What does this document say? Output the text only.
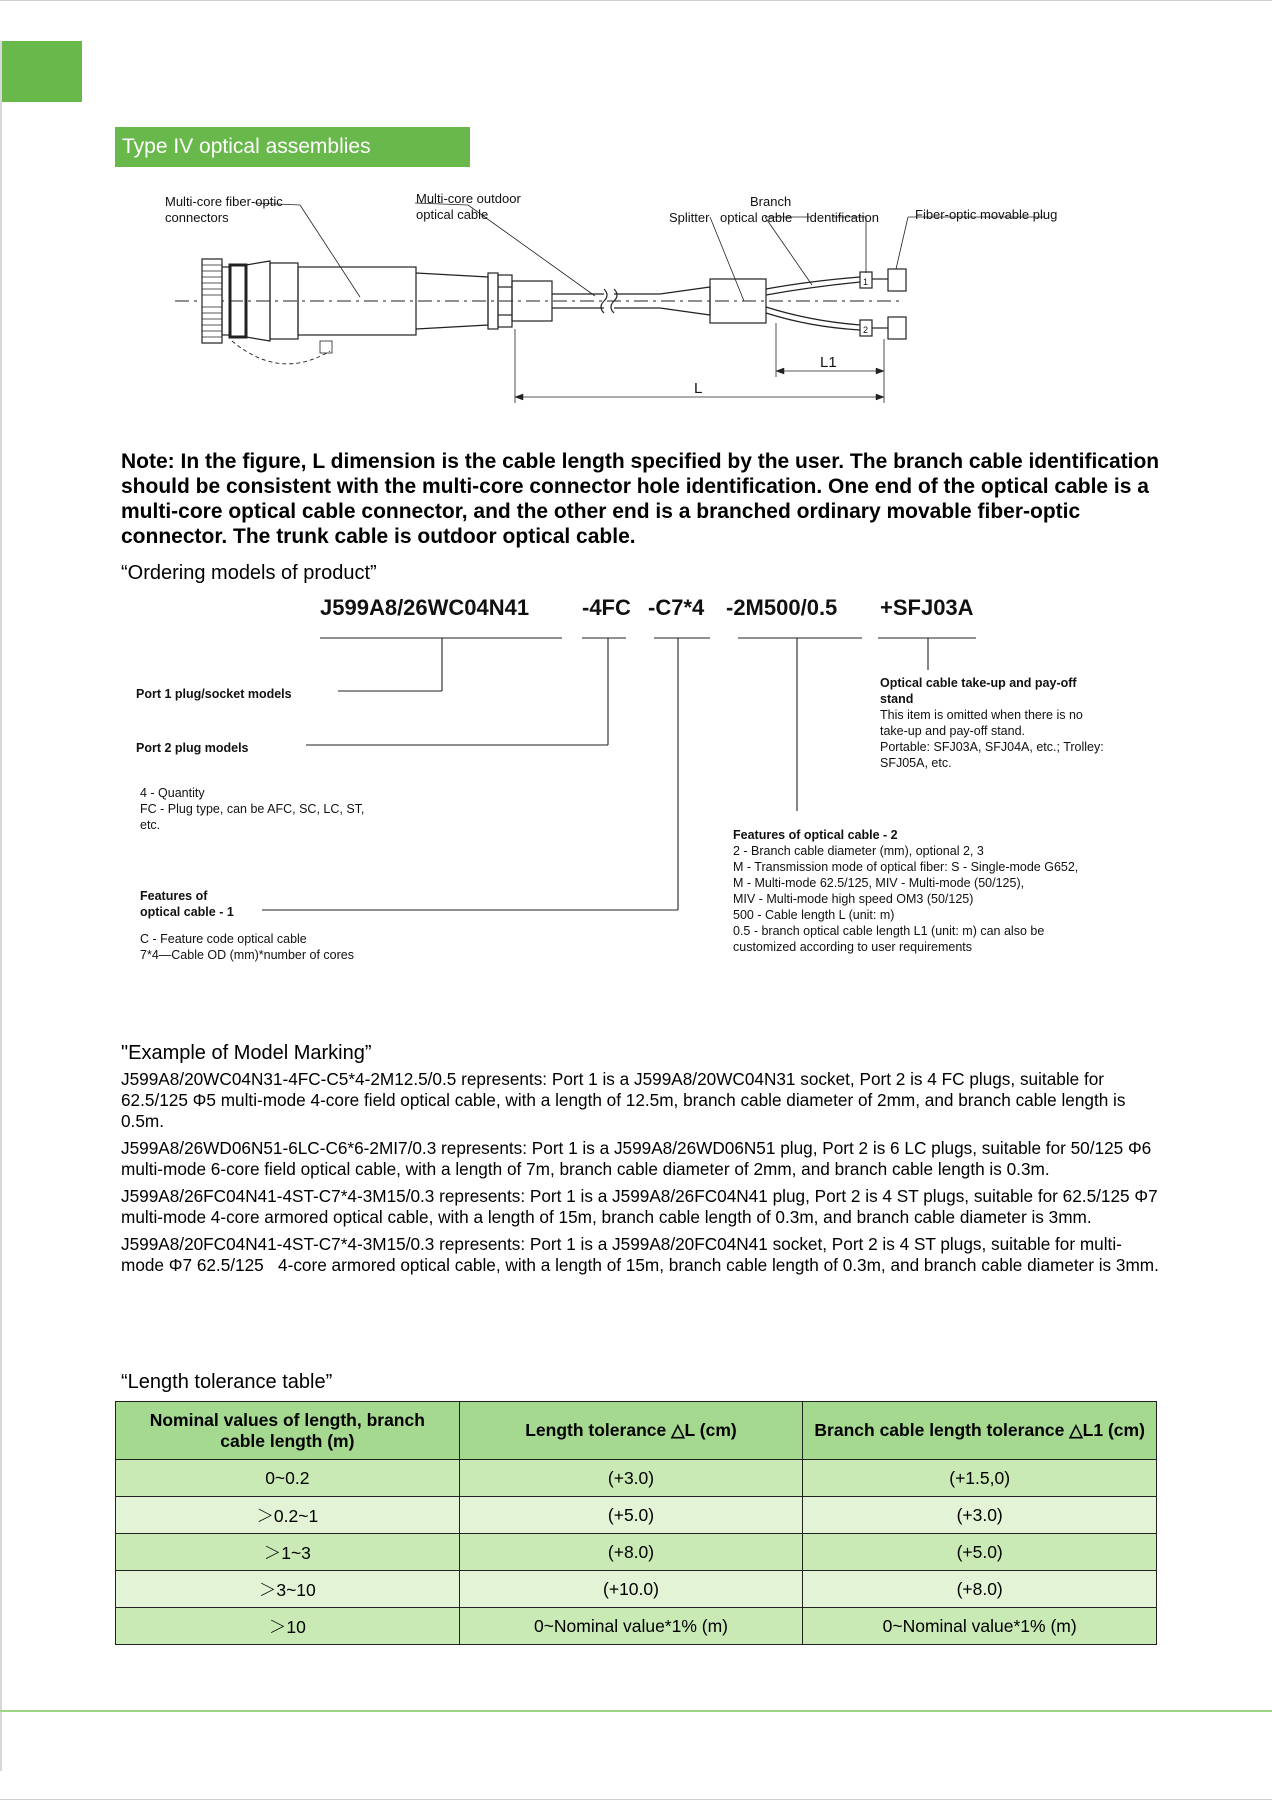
Type IV optical assemblies
Multi-core fiber-optic
connectors
Multi-core outdoor
optical cable	Splitter
Branch
optical cable Identification	Fiber-optic movable plug
L1
L
1
2
Note: In the figure, L dimension is the cable length specified by the user. The branch cable identification should be consistent with the multi-core connector hole identification. One end of the optical cable is a multi-core optical cable connector, and the other end is a branched ordinary movable fiber-optic connector. The trunk cable is outdoor optical cable.
“Ordering models of product”
J599A8/26WC04N41 -4FC -C7*4 -2M500/0.5 +SFJ03A
Port 1 plug/socket models
Port 2 plug models
4 - Quantity
FC - Plug type, can be AFC, SC, LC, ST,
etc.
Features of
optical cable - 1
C - Feature code optical cable
7*4—Cable OD (mm)*number of cores
Optical cable take-up and pay-off
stand
This item is omitted when there is no
take-up and pay-off stand.
Portable: SFJ03A, SFJ04A, etc.; Trolley:
SFJ05A, etc.
Features of optical cable - 2
2 - Branch cable diameter (mm), optional 2, 3
M - Transmission mode of optical fiber: S - Single-mode G652,
M - Multi-mode 62.5/125, MIV - Multi-mode (50/125),
MIV - Multi-mode high speed OM3 (50/125)
500 - Cable length L (unit: m)
0.5 - branch optical cable length L1 (unit: m) can also be
customized according to user requirements
"Example of Model Marking”

J599A8/20WC04N31-4FC-C5*4-2M12.5/0.5 represents: Port 1 is a J599A8/20WC04N31 socket, Port 2 is 4 FC plugs, suitable for 62.5/125 Φ5 multi-mode 4-core field optical cable, with a length of 12.5m, branch cable diameter of 2mm, and branch cable length is 0.5m.

J599A8/26WD06N51-6LC-C6*6-2MI7/0.3 represents: Port 1 is a J599A8/26WD06N51 plug, Port 2 is 6 LC plugs, suitable for 50/125 Φ6 multi-mode 6-core field optical cable, with a length of 7m, branch cable diameter of 2mm, and branch cable length is 0.3m.

J599A8/26FC04N41-4ST-C7*4-3M15/0.3 represents: Port 1 is a J599A8/26FC04N41 plug, Port 2 is 4 ST plugs, suitable for 62.5/125 Φ7 multi-mode 4-core armored optical cable, with a length of 15m, branch cable length of 0.3m, and branch cable diameter is 3mm.

J599A8/20FC04N41-4ST-C7*4-3M15/0.3 represents: Port 1 is a J599A8/20FC04N41 socket, Port 2 is 4 ST plugs, suitable for multi-mode Φ7 62.5/125   4-core armored optical cable, with a length of 15m, branch cable length of 0.3m, and branch cable diameter is 3mm.

“Length tolerance table”
Nominal values of length, branch cable length (m)	Length tolerance △L (cm)	Branch cable length tolerance △L1 (cm)
0~0.2	(+3.0)	(+1.5,0)
＞0.2~1	(+5.0)	(+3.0)
＞1~3	(+8.0)	(+5.0)
＞3~10	(+10.0)	(+8.0)
＞10	0~Nominal value*1% (m)	0~Nominal value*1% (m)
